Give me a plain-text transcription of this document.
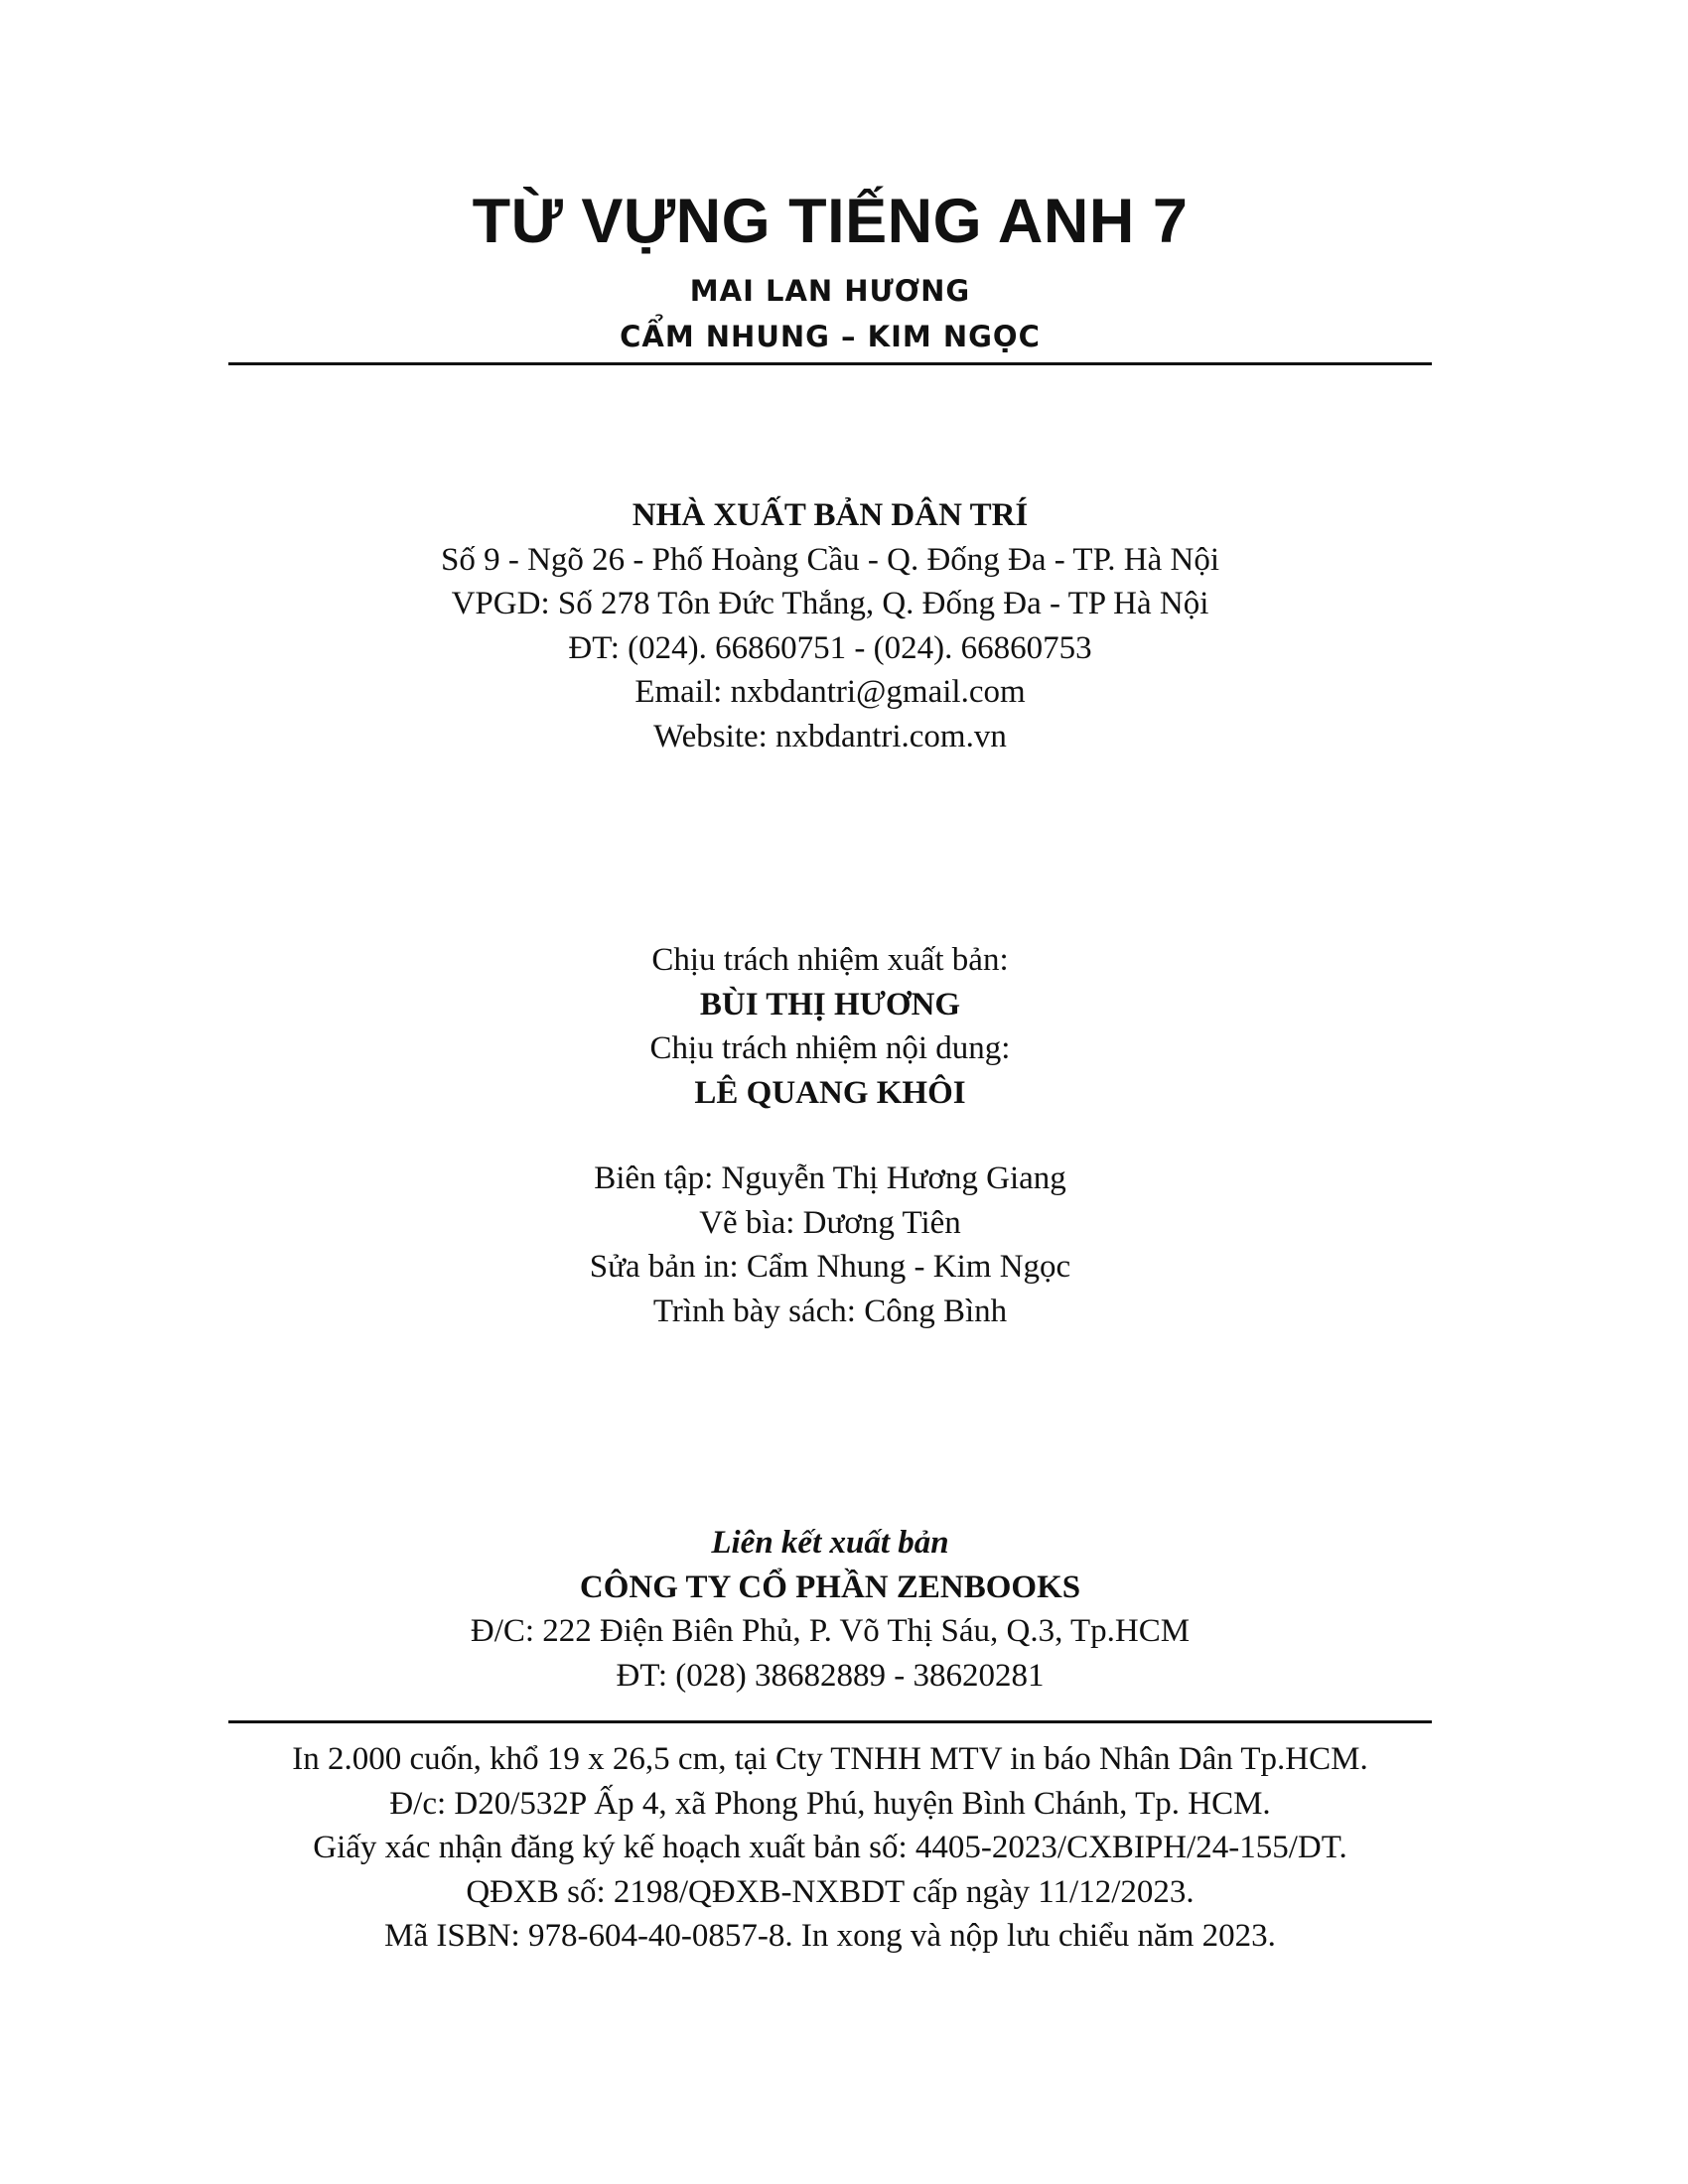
TỪ VỰNG TIẾNG ANH 7
MAI LAN HƯƠNG
CẨM NHUNG – KIM NGỌC
NHÀ XUẤT BẢN DÂN TRÍ
Số 9 - Ngõ 26 - Phố Hoàng Cầu - Q. Đống Đa - TP. Hà Nội
VPGD: Số 278 Tôn Đức Thắng, Q. Đống Đa - TP Hà Nội
ĐT: (024). 66860751 - (024). 66860753
Email: nxbdantri@gmail.com
Website: nxbdantri.com.vn
Chịu trách nhiệm xuất bản:
BÙI THỊ HƯƠNG
Chịu trách nhiệm nội dung:
LÊ QUANG KHÔI
Biên tập: Nguyễn Thị Hương Giang
Vẽ bìa: Dương Tiên
Sửa bản in: Cẩm Nhung - Kim Ngọc
Trình bày sách: Công Bình
Liên kết xuất bản
CÔNG TY CỔ PHẦN ZENBOOKS
Đ/C: 222 Điện Biên Phủ, P. Võ Thị Sáu, Q.3, Tp.HCM
ĐT: (028) 38682889 - 38620281
In 2.000 cuốn, khổ 19 x 26,5 cm, tại Cty TNHH MTV in báo Nhân Dân Tp.HCM.
Đ/c: D20/532P Ấp 4, xã Phong Phú, huyện Bình Chánh, Tp. HCM.
Giấy xác nhận đăng ký kế hoạch xuất bản số: 4405-2023/CXBIPH/24-155/DT.
QĐXB số: 2198/QĐXB-NXBDT cấp ngày 11/12/2023.
Mã ISBN: 978-604-40-0857-8. In xong và nộp lưu chiểu năm 2023.
